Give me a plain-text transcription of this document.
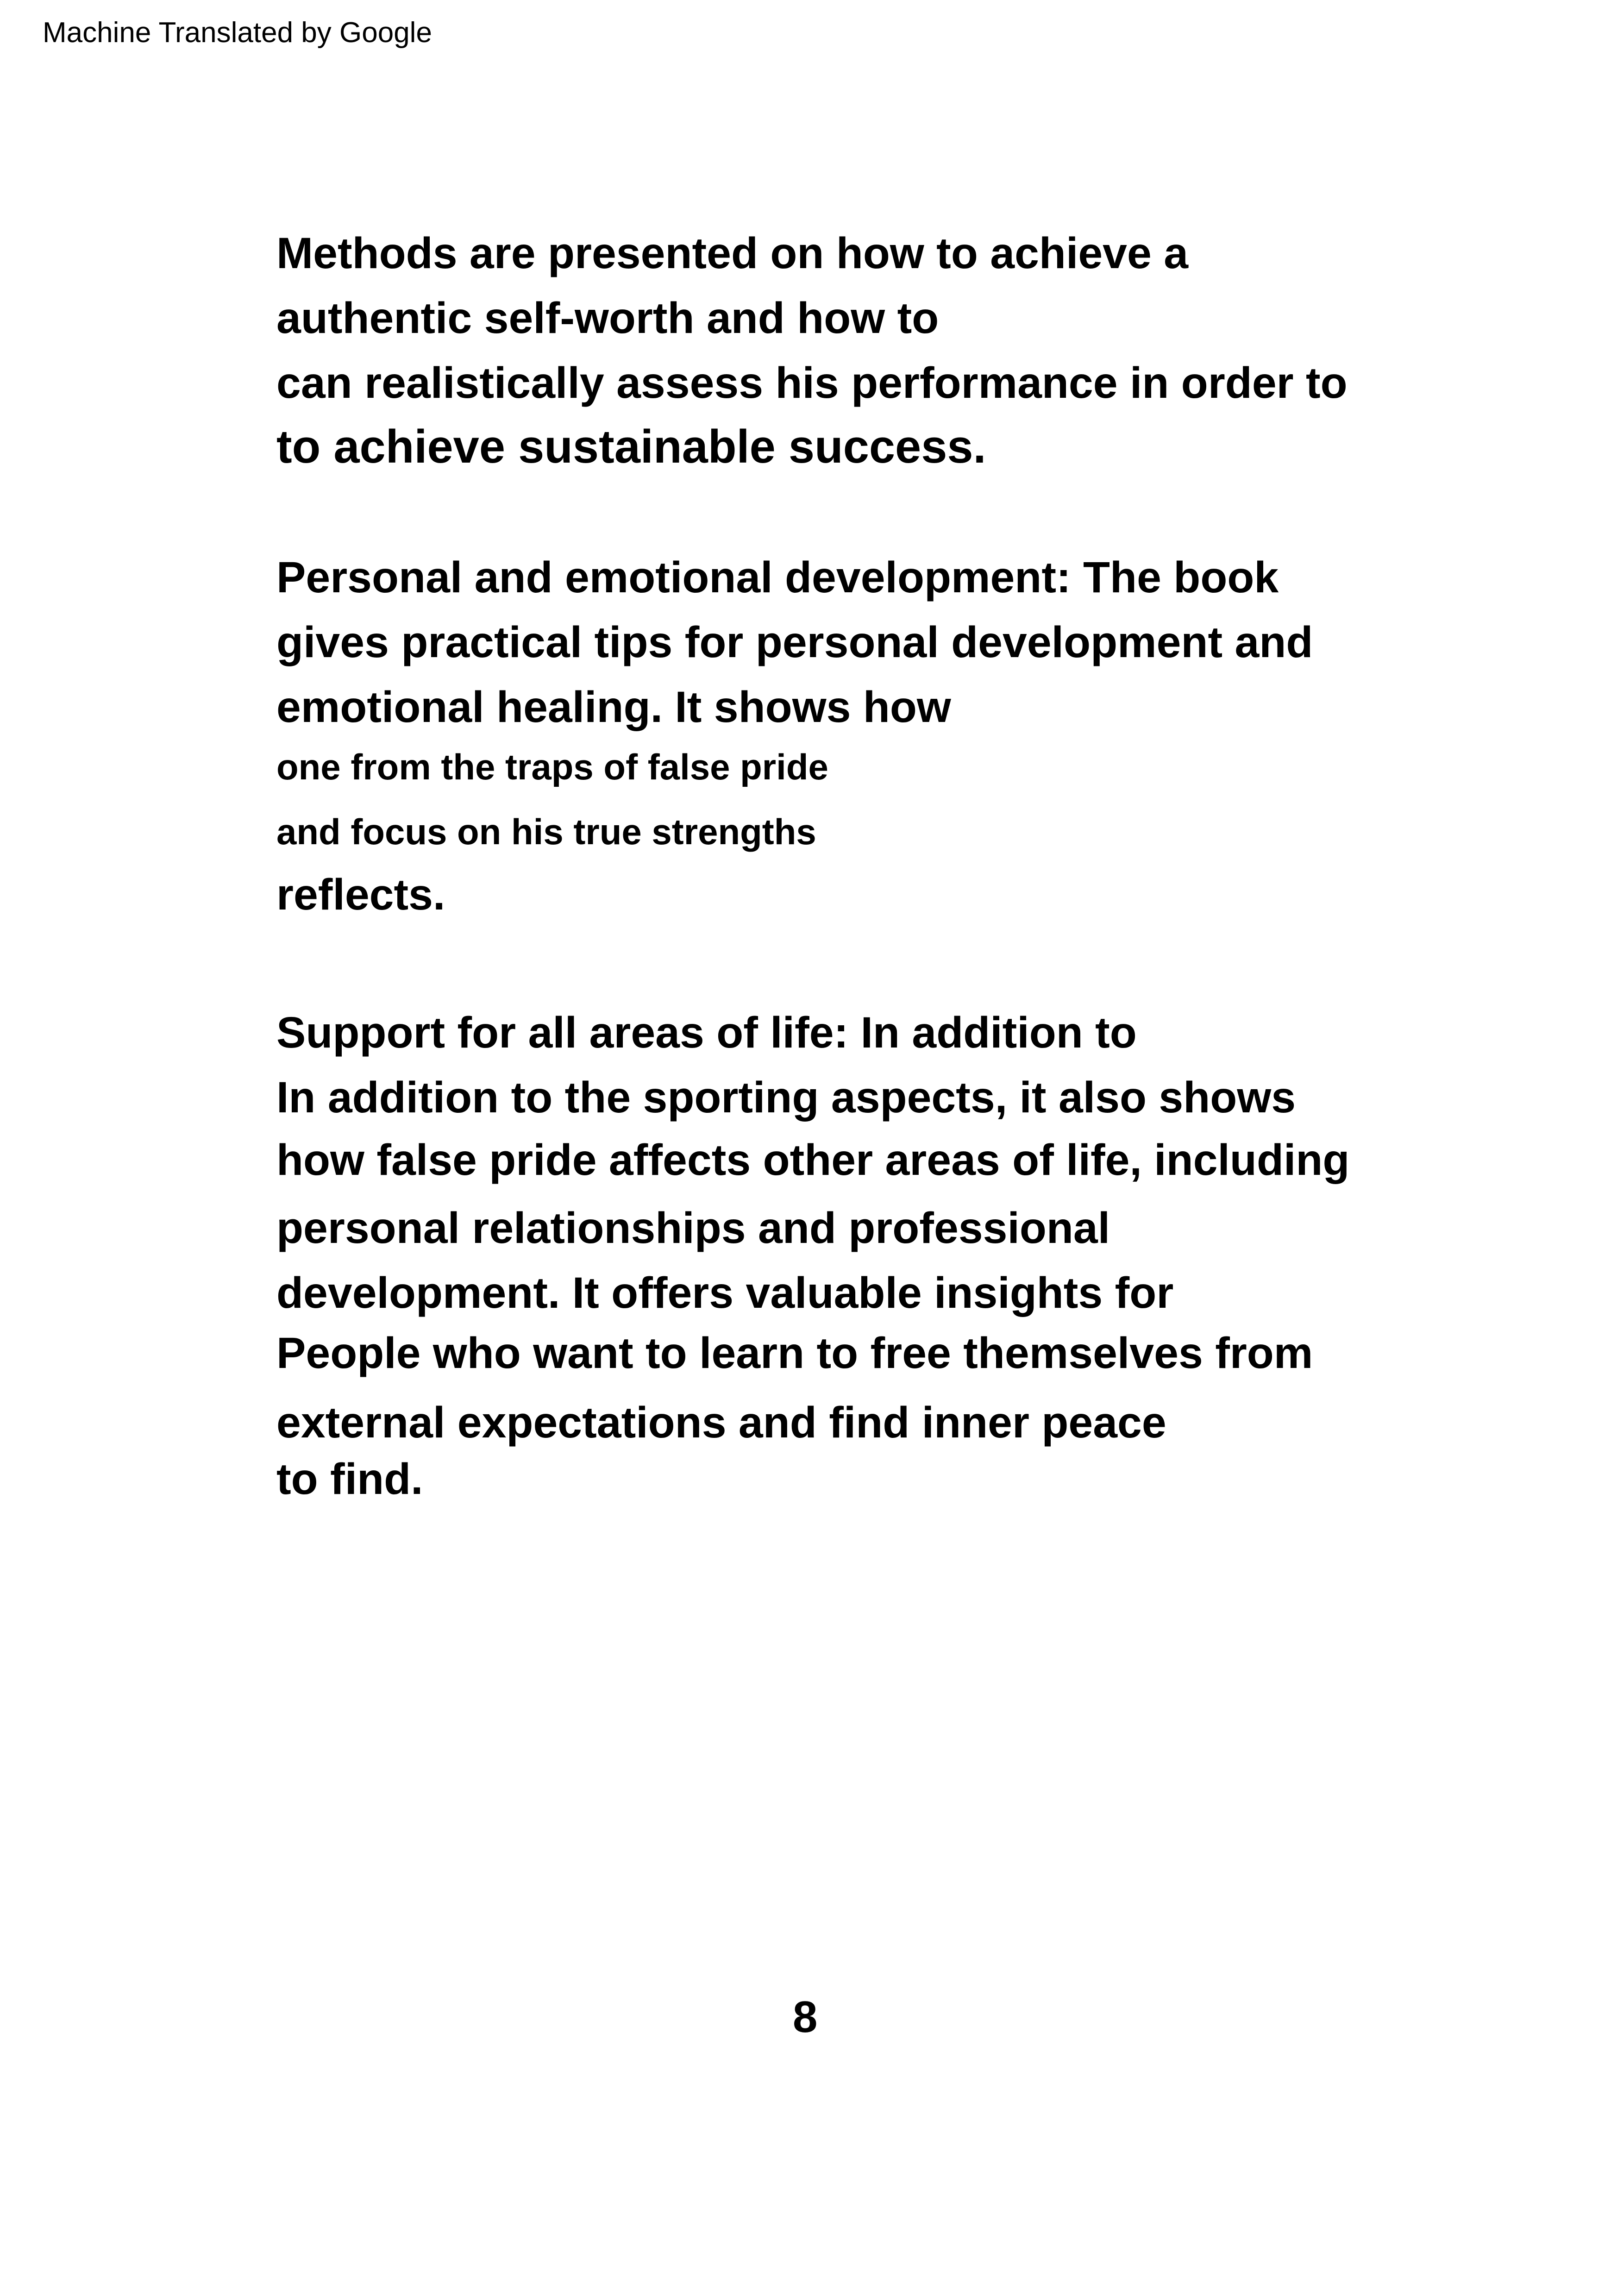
Machine Translated by Google
Methods are presented on how to achieve a
authentic self-worth and how to
can realistically assess his performance in order to
to achieve sustainable success.
Personal and emotional development: The book
gives practical tips for personal development and
emotional healing. It shows how
one from the traps of false pride
and focus on his true strengths
reflects.
Support for all areas of life: In addition to
In addition to the sporting aspects, it also shows
how false pride affects other areas of life, including
personal relationships and professional
development. It offers valuable insights for
People who want to learn to free themselves from
external expectations and find inner peace
to find.
8
